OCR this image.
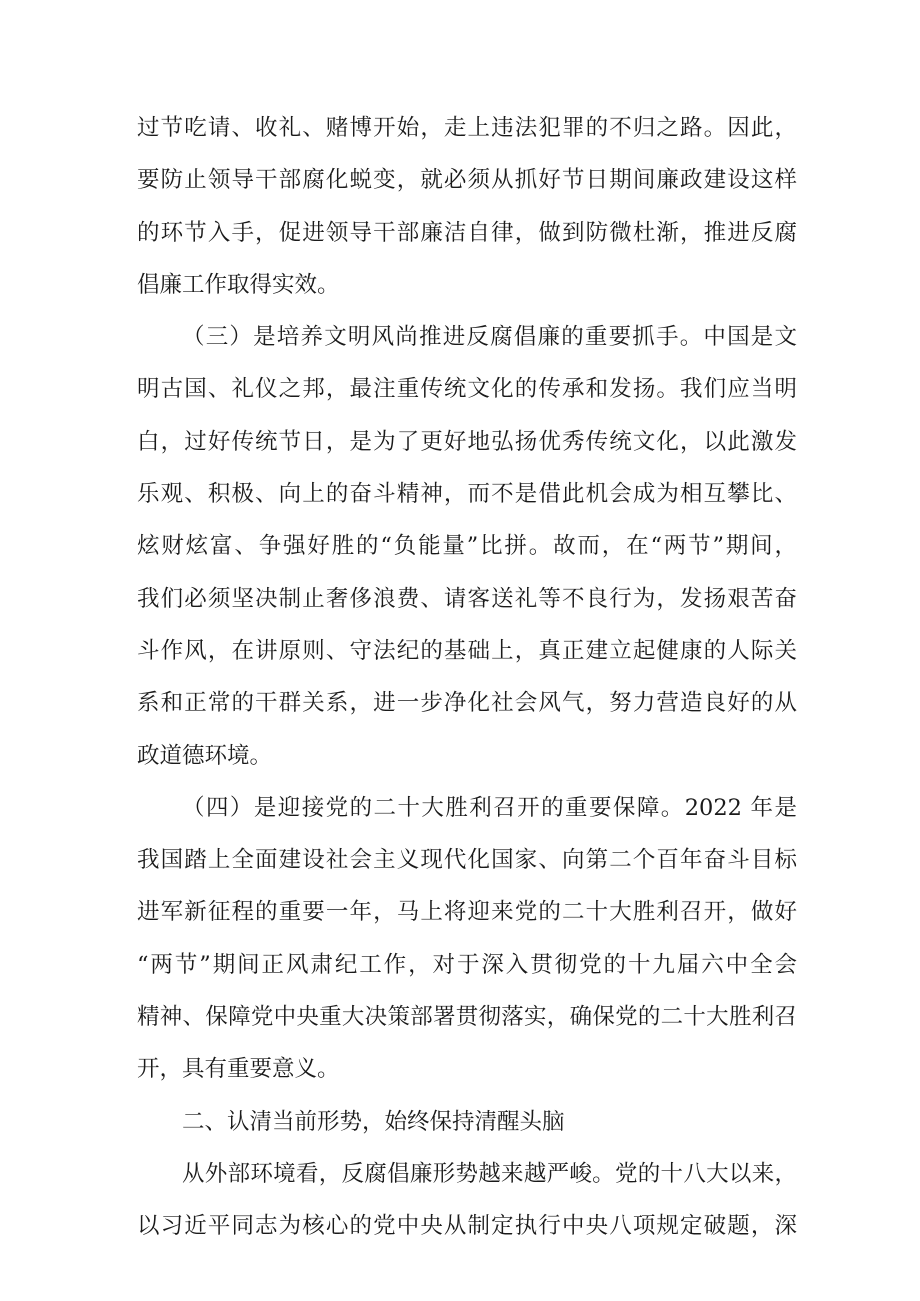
过节吃请、收礼、赌博开始，走上违法犯罪的不归之路。因此，
要防止领导干部腐化蜕变，就必须从抓好节日期间廉政建设这样
的环节入手，促进领导干部廉洁自律，做到防微杜渐，推进反腐
倡廉工作取得实效。
（三）是培养文明风尚推进反腐倡廉的重要抓手。中国是文
明古国、礼仪之邦，最注重传统文化的传承和发扬。我们应当明
白，过好传统节日，是为了更好地弘扬优秀传统文化，以此激发
乐观、积极、向上的奋斗精神，而不是借此机会成为相互攀比、
炫财炫富、争强好胜的“负能量”比拼。故而，在“两节”期间，
我们必须坚决制止奢侈浪费、请客送礼等不良行为，发扬艰苦奋
斗作风，在讲原则、守法纪的基础上，真正建立起健康的人际关
系和正常的干群关系，进一步净化社会风气，努力营造良好的从
政道德环境。
（四）是迎接党的二十大胜利召开的重要保障。2022 年是
我国踏上全面建设社会主义现代化国家、向第二个百年奋斗目标
进军新征程的重要一年，马上将迎来党的二十大胜利召开，做好
“两节”期间正风肃纪工作，对于深入贯彻党的十九届六中全会
精神、保障党中央重大决策部署贯彻落实，确保党的二十大胜利召
开，具有重要意义。
二、认清当前形势，始终保持清醒头脑
从外部环境看，反腐倡廉形势越来越严峻。党的十八大以来，
以习近平同志为核心的党中央从制定执行中央八项规定破题，深
